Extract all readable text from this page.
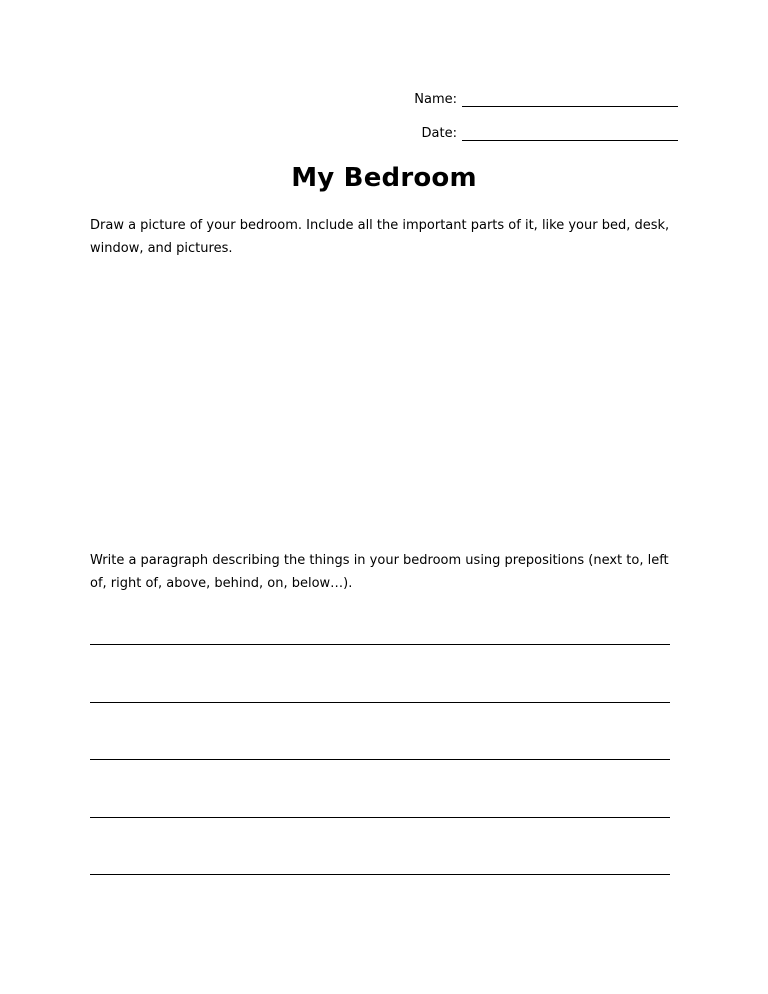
Name:
Date:
My Bedroom
Draw a picture of your bedroom. Include all the important parts of it, like your bed, desk, window, and pictures.
Write a paragraph describing the things in your bedroom using prepositions (next to, left of, right of, above, behind, on, below…).
